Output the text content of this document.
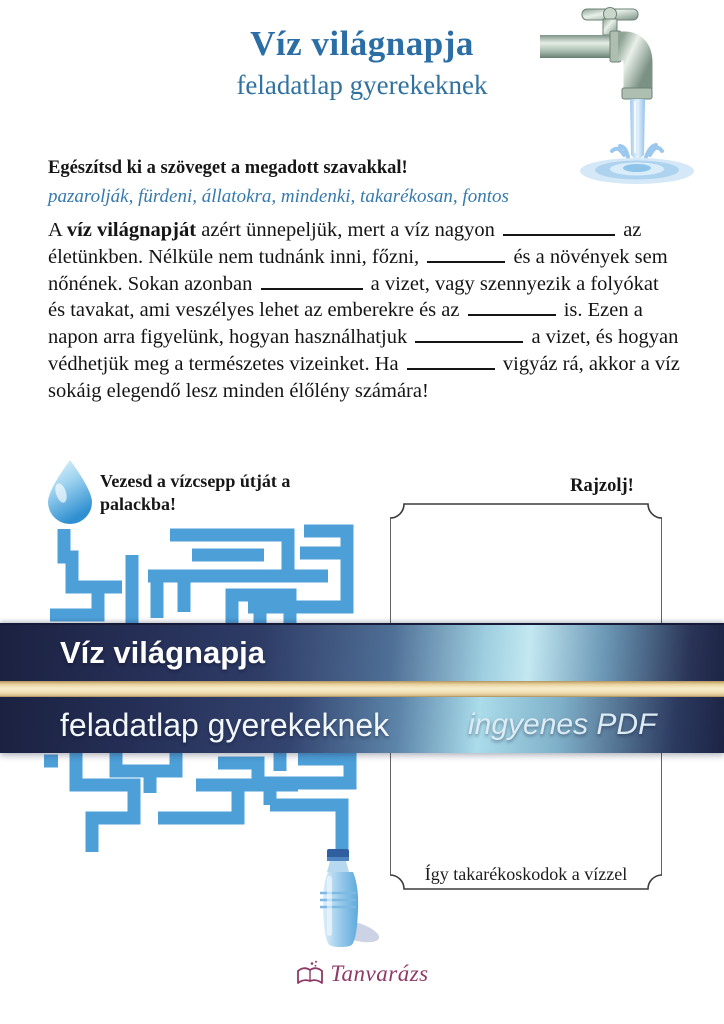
Víz világnapja
feladatlap gyerekeknek
Egészítsd ki a szöveget a megadott szavakkal!
pazarolják, fürdeni, állatokra, mindenki, takarékosan, fontos
A víz világnapját azért ünnepeljük, mert a víz nagyon	az életünkben. Nélküle nem tudnánk inni, főzni,	és a növények sem nőnének. Sokan azonban	a vizet, vagy szennyezik a folyókat és tavakat, ami veszélyes lehet az emberekre és az	is. Ezen a napon arra figyelünk, hogyan használhatjuk	a vizet, és hogyan védhetjük meg a természetes vizeinket. Ha	vigyáz rá, akkor a víz sokáig elegendő lesz minden élőlény számára!
Vezesd a vízcsepp útját a palackba!
Rajzolj!
Így takarékoskodok a vízzel
Víz világnapja
feladatlap gyerekeknek	ingyenes PDF
Tanvarázs
